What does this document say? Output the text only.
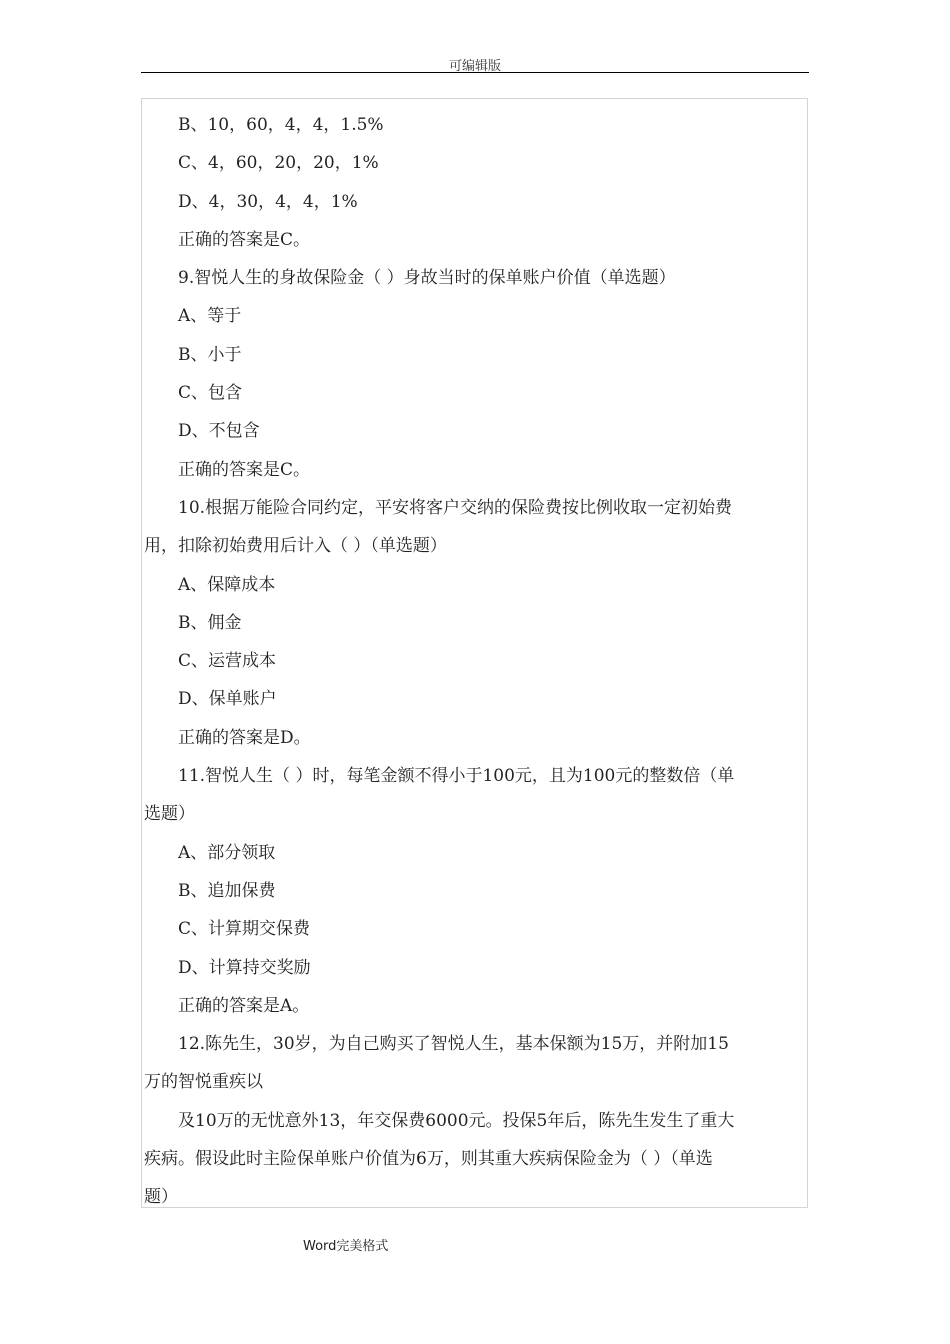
可编辑版
B、10，60，4，4，1.5%
C、4，60，20，20，1%
D、4，30，4，4，1%
正确的答案是C。
9.智悦人生的身故保险金（ ）身故当时的保单账户价值（单选题）
A、等于
B、小于
C、包含
D、不包含
正确的答案是C。
10.根据万能险合同约定，平安将客户交纳的保险费按比例收取一定初始费
用，扣除初始费用后计入（ ）（单选题）
A、保障成本
B、佣金
C、运营成本
D、保单账户
正确的答案是D。
11.智悦人生（ ）时，每笔金额不得小于100元，且为100元的整数倍（单
选题）
A、部分领取
B、追加保费
C、计算期交保费
D、计算持交奖励
正确的答案是A。
12.陈先生，30岁，为自己购买了智悦人生，基本保额为15万，并附加15
万的智悦重疾以
及10万的无忧意外13，年交保费6000元。投保5年后，陈先生发生了重大
疾病。假设此时主险保单账户价值为6万，则其重大疾病保险金为（ ）（单选
题）
Word完美格式
